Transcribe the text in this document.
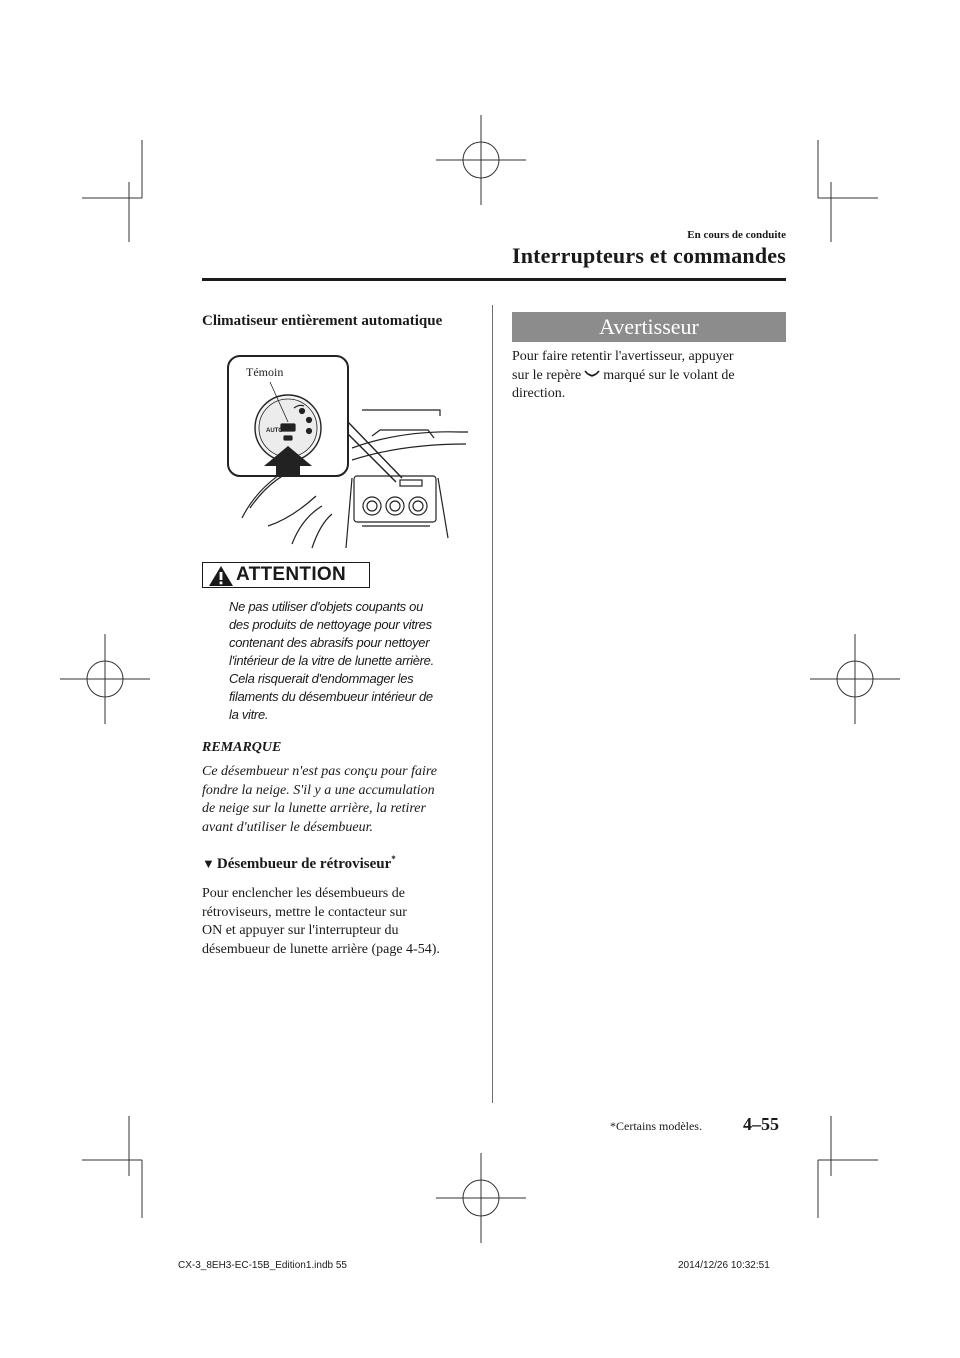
En cours de conduite
Interrupteurs et commandes
Climatiseur entièrement automatique
Témoin
AUTO
ATTENTION
Ne pas utiliser d'objets coupants ou
des produits de nettoyage pour vitres
contenant des abrasifs pour nettoyer
l'intérieur de la vitre de lunette arrière.
Cela risquerait d'endommager les
filaments du désembueur intérieur de
la vitre.
REMARQUE
Ce désembueur n'est pas conçu pour faire
fondre la neige. S'il y a une accumulation
de neige sur la lunette arrière, la retirer
avant d'utiliser le désembueur.
▼ Désembueur de rétroviseur*
Pour enclencher les désembueurs de
rétroviseurs, mettre le contacteur sur
ON et appuyer sur l'interrupteur du
désembueur de lunette arrière (page 4-54).
Avertisseur
Pour faire retentir l'avertisseur, appuyer
sur le repère marqué sur le volant de
direction.
*Certains modèles. 4–55
CX-3_8EH3-EC-15B_Edition1.indb 55	2014/12/26 10:32:51
